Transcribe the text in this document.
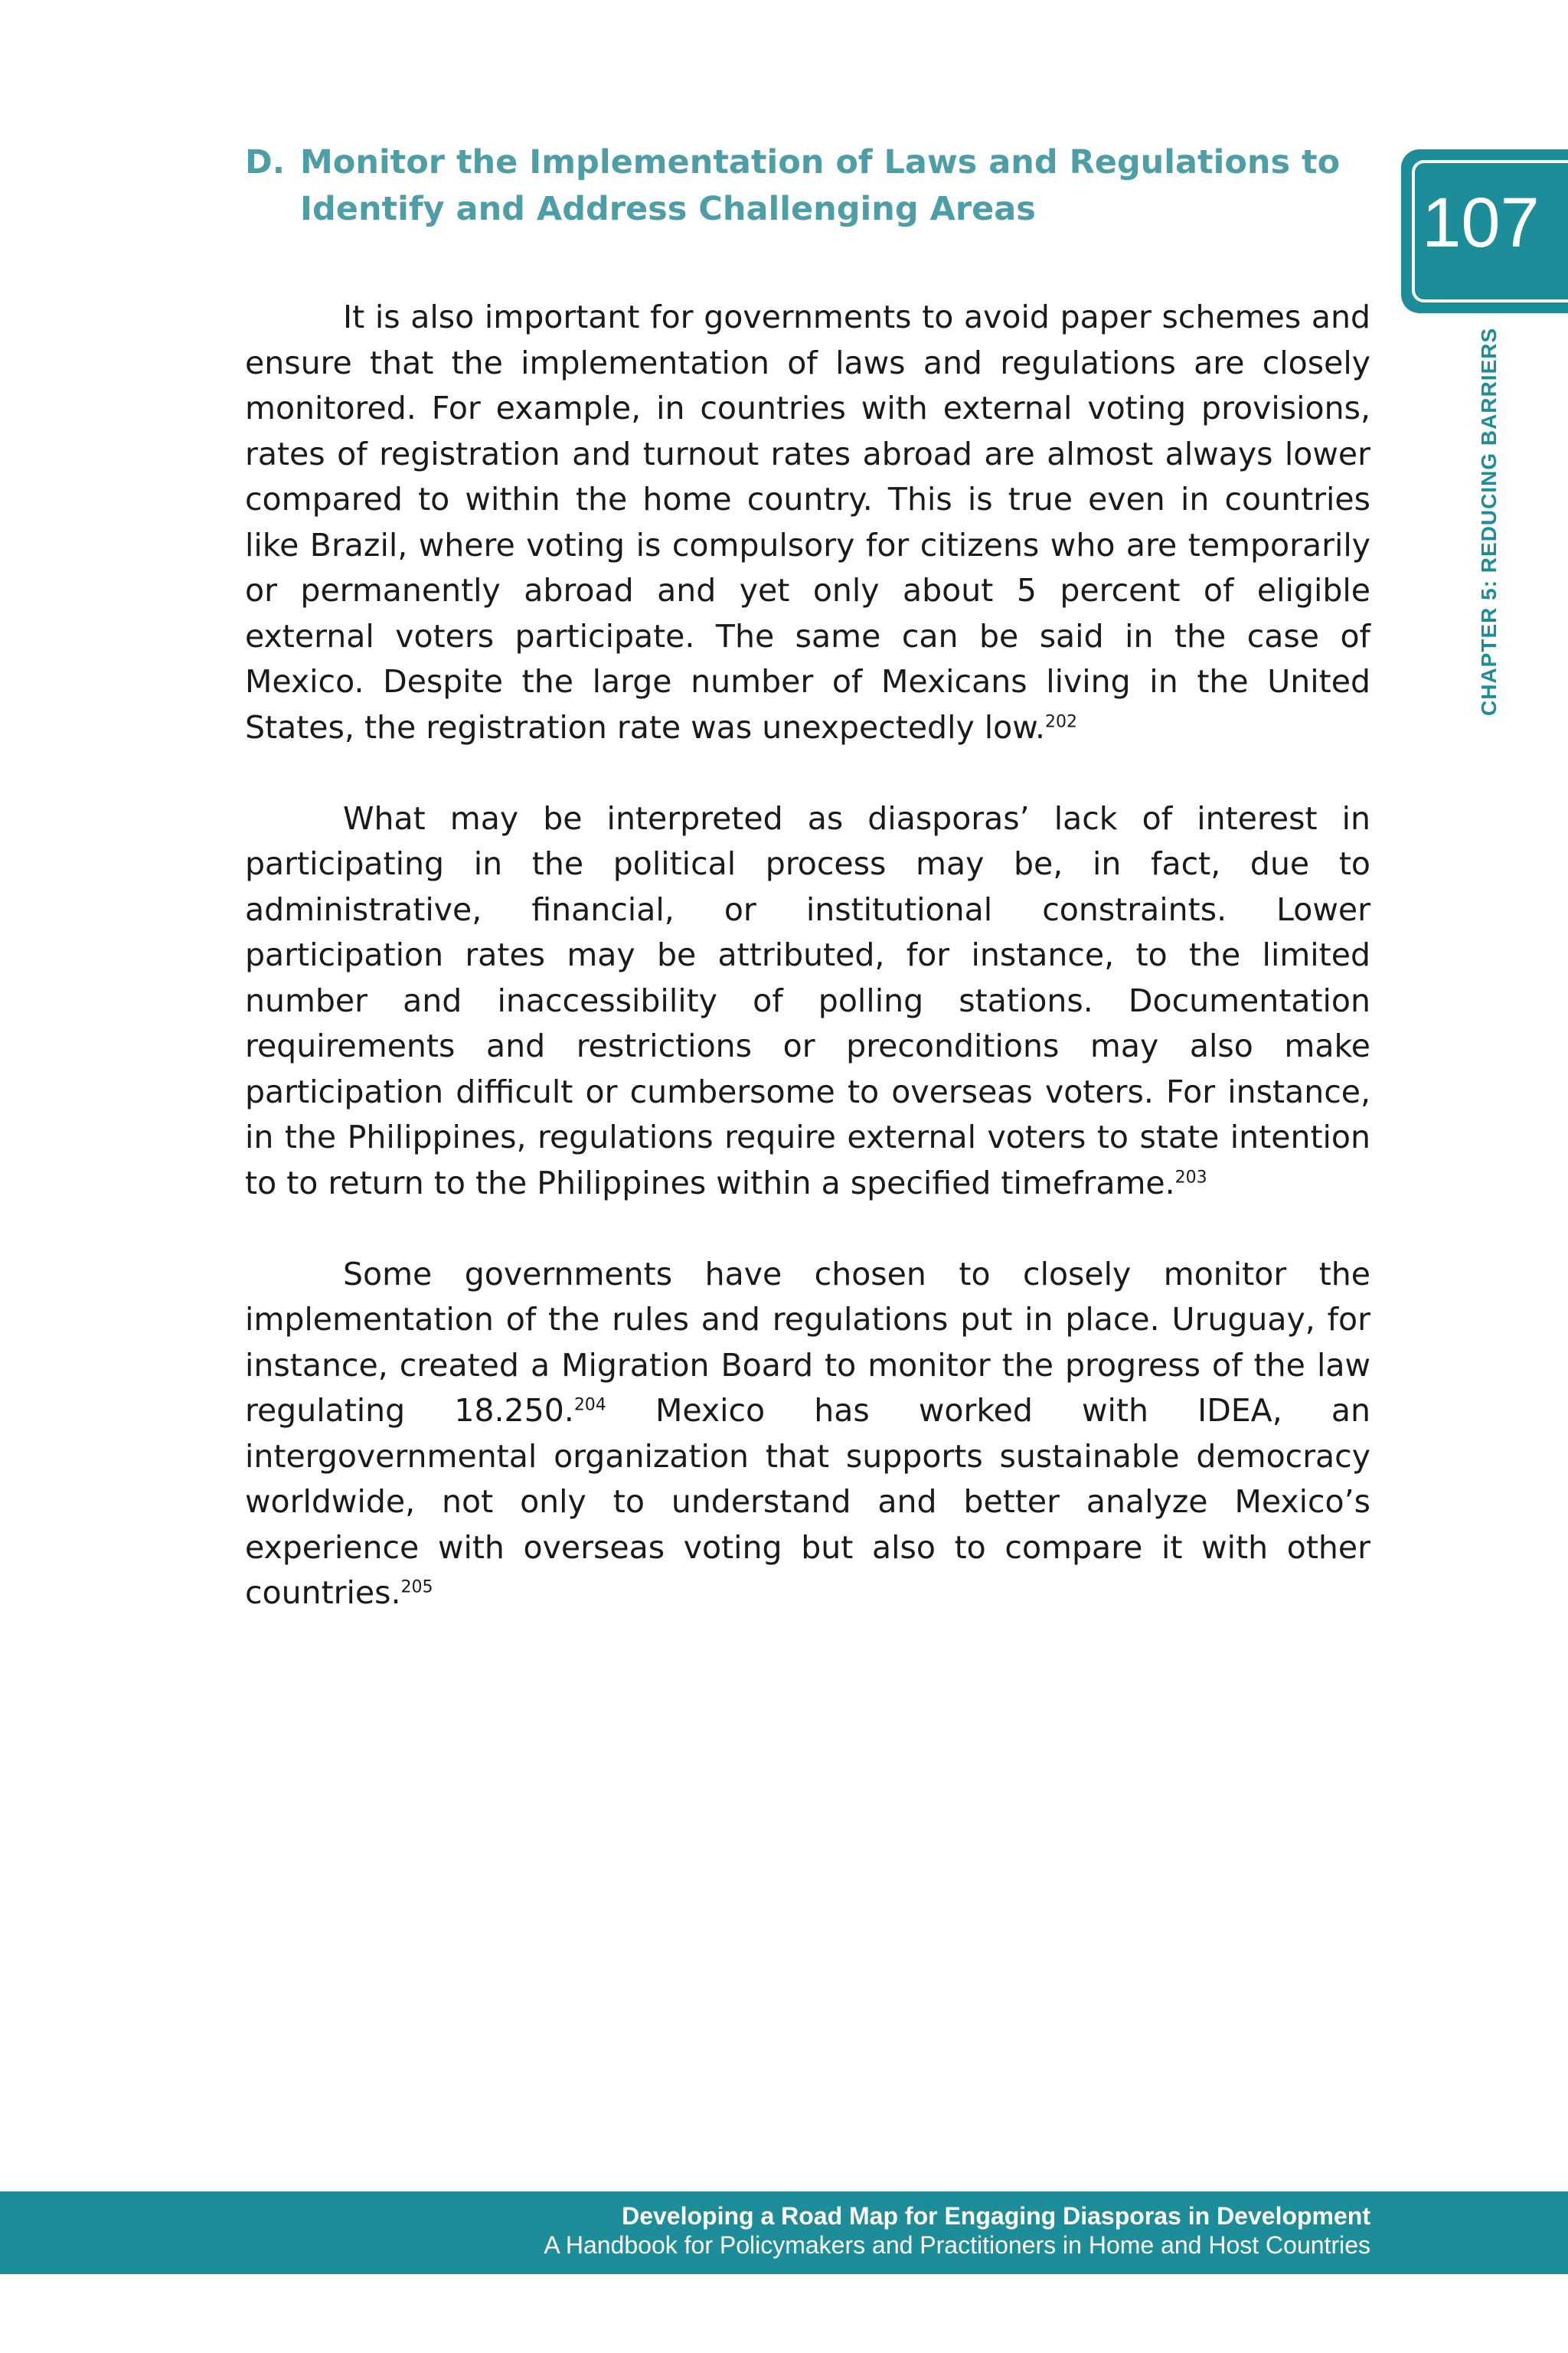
D. Monitor the Implementation of Laws and Regulations to Identify and Address Challenging Areas	107
CHAPTER 5: REDUCING BARRIERS

It is also important for governments to avoid paper schemes and ensure that the implementation of laws and regulations are closely monitored. For example, in countries with external voting provisions, rates of registration and turnout rates abroad are almost always lower compared to within the home country. This is true even in countries like Brazil, where voting is compulsory for citizens who are temporarily or permanently abroad and yet only about 5 percent of eligible external voters participate. The same can be said in the case of Mexico. Despite the large number of Mexicans living in the United States, the registration rate was unexpectedly low.$^{202}$

What may be interpreted as diasporas’ lack of interest in participating in the political process may be, in fact, due to administrative, financial, or institutional constraints. Lower participation rates may be attributed, for instance, to the limited number and inaccessibility of polling stations. Documentation requirements and restrictions or preconditions may also make participation difficult or cumbersome to overseas voters. For instance, in the Philippines, regulations require external voters to state intention to to return to the Philippines within a specified timeframe.$^{203}$

Some governments have chosen to closely monitor the implementation of the rules and regulations put in place. Uruguay, for instance, created a Migration Board to monitor the progress of the law regulating 18.250.$^{204}$ Mexico has worked with IDEA, an intergovernmental organization that supports sustainable democracy worldwide, not only to understand and better analyze Mexico’s experience with overseas voting but also to compare it with other countries.$^{205}$

Developing a Road Map for Engaging Diasporas in Development
A Handbook for Policymakers and Practitioners in Home and Host Countries
